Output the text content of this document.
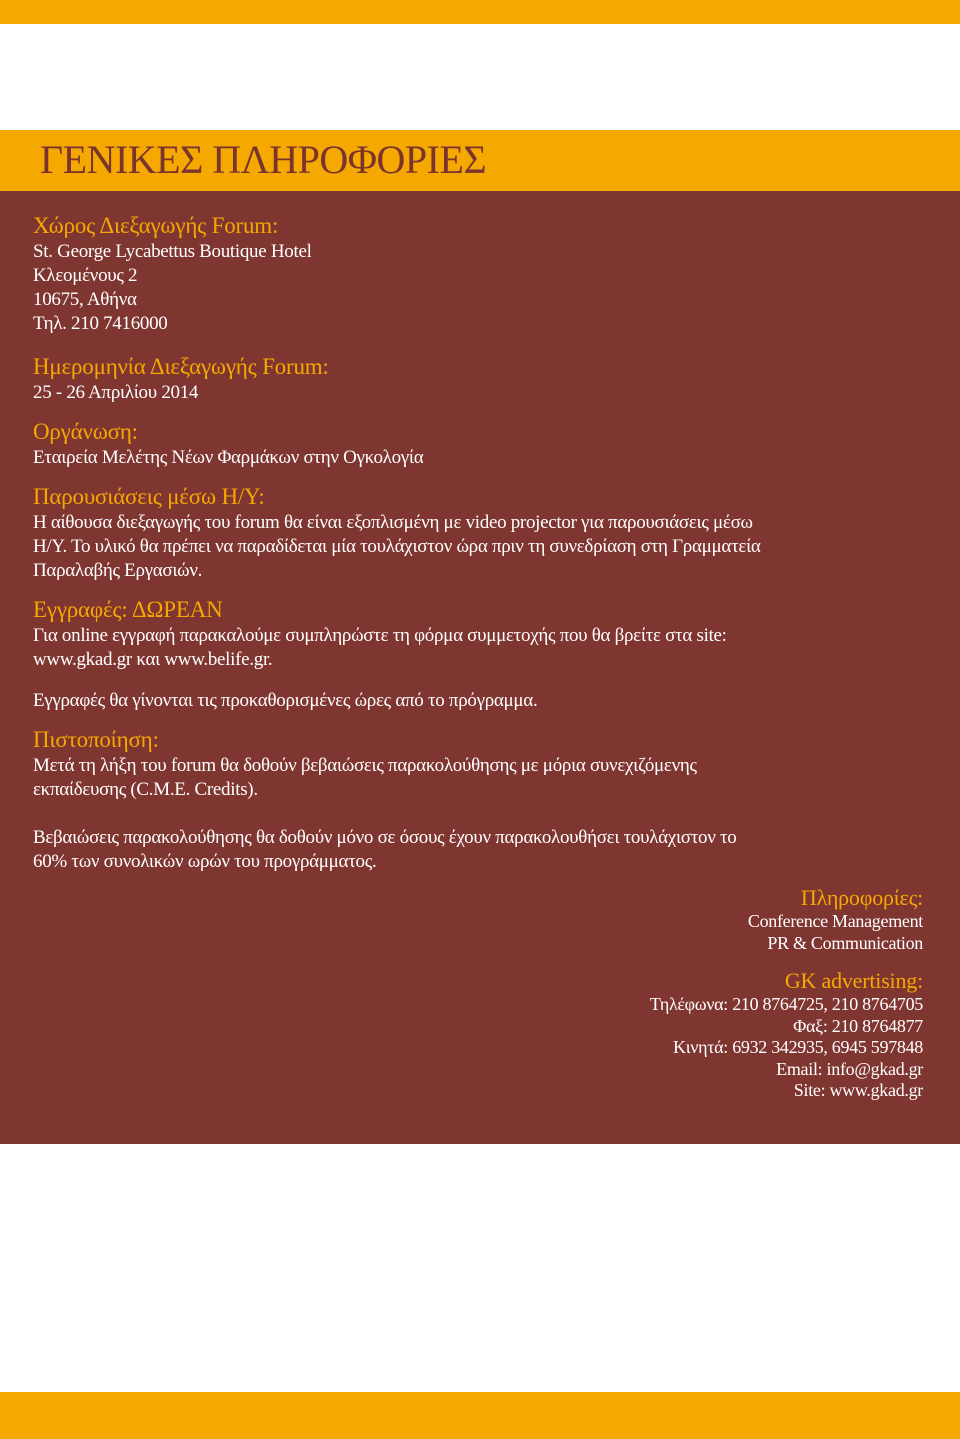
ΓΕΝΙΚΕΣ ΠΛΗΡΟΦΟΡΙΕΣ

Χώρος Διεξαγωγής Forum:

St. George Lycabettus Boutique Hotel

Κλεομένους 2

10675, Αθήνα

Τηλ. 210 7416000

Ημερομηνία Διεξαγωγής Forum:

25 - 26 Απριλίου 2014

Οργάνωση:

Εταιρεία Μελέτης Νέων Φαρμάκων στην Ογκολογία

Παρουσιάσεις μέσω Η/Υ:

Η αίθουσα διεξαγωγής του forum θα είναι εξοπλισμένη με video projector για παρουσιάσεις μέσω

Η/Υ. Το υλικό θα πρέπει να παραδίδεται μία τουλάχιστον ώρα πριν τη συνεδρίαση στη Γραμματεία

Παραλαβής Εργασιών.

Εγγραφές: ΔΩΡΕΑΝ

Για online εγγραφή παρακαλούμε συμπληρώστε τη φόρμα συμμετοχής που θα βρείτε στα site:

www.gkad.gr και www.belife.gr.

Εγγραφές θα γίνονται τις προκαθορισμένες ώρες από το πρόγραμμα.

Πιστοποίηση:

Μετά τη λήξη του forum θα δοθούν βεβαιώσεις παρακολούθησης με μόρια συνεχιζόμενης

εκπαίδευσης (C.M.E. Credits).

Βεβαιώσεις παρακολούθησης θα δοθούν μόνο σε όσους έχουν παρακολουθήσει τουλάχιστον το

60% των συνολικών ωρών του προγράμματος.

Πληροφορίες:
Conference Management
PR & Communication
GK advertising:
Τηλέφωνα: 210 8764725, 210 8764705
Φαξ: 210 8764877
Κινητά: 6932 342935, 6945 597848
Email: info@gkad.gr
Site: www.gkad.gr
